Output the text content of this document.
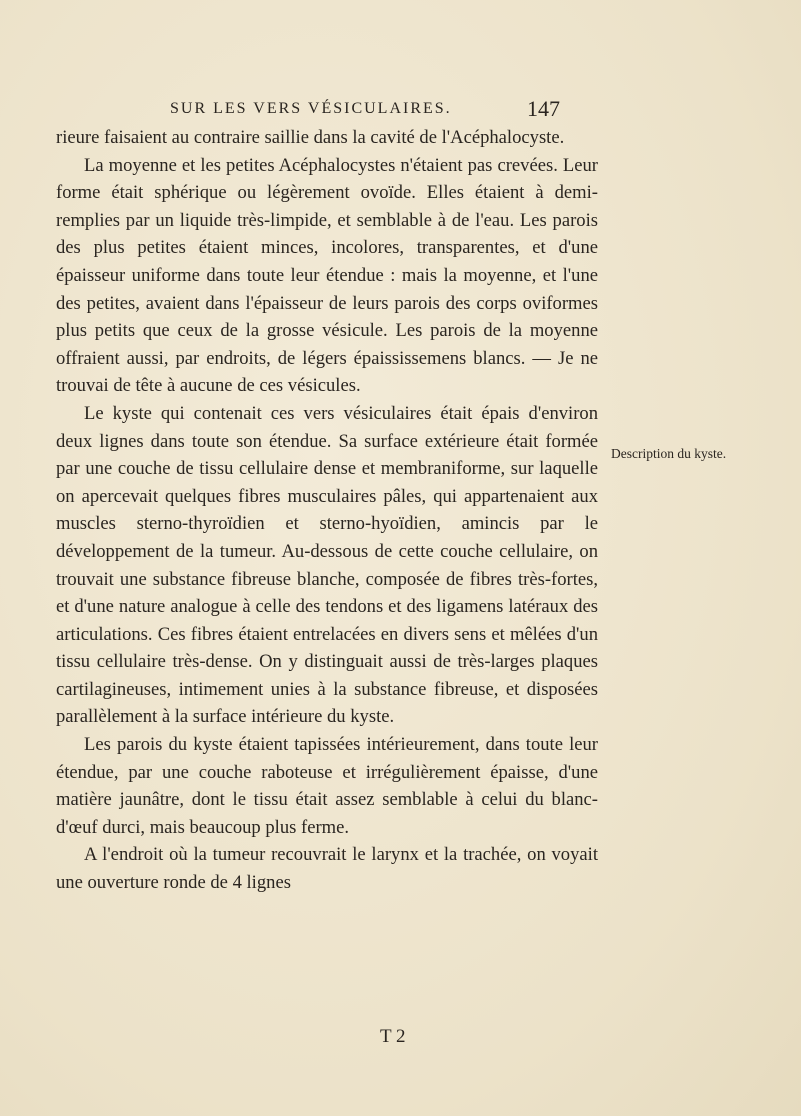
SUR LES VERS VÉSICULAIRES.	147

rieure faisaient au contraire saillie dans la cavité de l'Acéphalocyste.

La moyenne et les petites Acéphalocystes n'étaient pas crevées. Leur forme était sphérique ou légèrement ovoïde. Elles étaient à demi-remplies par un liquide très-limpide, et semblable à de l'eau. Les parois des plus petites étaient minces, incolores, transparentes, et d'une épaisseur uniforme dans toute leur étendue : mais la moyenne, et l'une des petites, avaient dans l'épaisseur de leurs parois des corps oviformes plus petits que ceux de la grosse vésicule. Les parois de la moyenne offraient aussi, par endroits, de légers épaississemens blancs. — Je ne trouvai de tête à aucune de ces vésicules.

Le kyste qui contenait ces vers vésiculaires était épais d'environ deux lignes dans toute son étendue. Sa surface extérieure était formée par une couche de tissu cellulaire dense et membraniforme, sur laquelle on apercevait quelques fibres musculaires pâles, qui appartenaient aux muscles sterno-thyroïdien et sterno-hyoïdien, amincis par le développement de la tumeur. Au-dessous de cette couche cellulaire, on trouvait une substance fibreuse blanche, composée de fibres très-fortes, et d'une nature analogue à celle des tendons et des ligamens latéraux des articulations. Ces fibres étaient entrelacées en divers sens et mêlées d'un tissu cellulaire très-dense. On y distinguait aussi de très-larges plaques cartilagineuses, intimement unies à la substance fibreuse, et disposées parallèlement à la surface intérieure du kyste.

Les parois du kyste étaient tapissées intérieurement, dans toute leur étendue, par une couche raboteuse et irrégulièrement épaisse, d'une matière jaunâtre, dont le tissu était assez semblable à celui du blanc-d'œuf durci, mais beaucoup plus ferme.

A l'endroit où la tumeur recouvrait le larynx et la trachée, on voyait une ouverture ronde de 4 lignes

Description du kyste.
T 2
